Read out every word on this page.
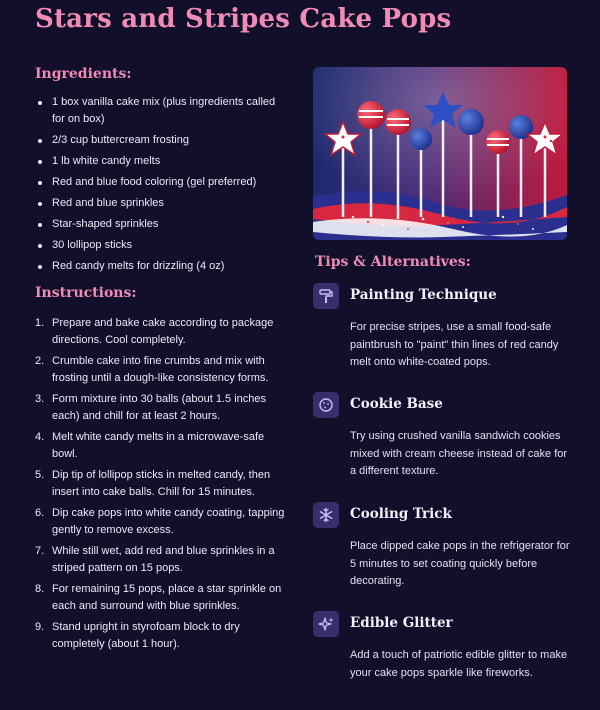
Stars and Stripes Cake Pops
Ingredients:
1 box vanilla cake mix (plus ingredients called for on box)
2/3 cup buttercream frosting
1 lb white candy melts
Red and blue food coloring (gel preferred)
Red and blue sprinkles
Star-shaped sprinkles
30 lollipop sticks
Red candy melts for drizzling (4 oz)
Instructions:
1. Prepare and bake cake according to package directions. Cool completely.
2. Crumble cake into fine crumbs and mix with frosting until a dough-like consistency forms.
3. Form mixture into 30 balls (about 1.5 inches each) and chill for at least 2 hours.
4. Melt white candy melts in a microwave-safe bowl.
5. Dip tip of lollipop sticks in melted candy, then insert into cake balls. Chill for 15 minutes.
6. Dip cake pops into white candy coating, tapping gently to remove excess.
7. While still wet, add red and blue sprinkles in a striped pattern on 15 pops.
8. For remaining 15 pops, place a star sprinkle on each and surround with blue sprinkles.
9. Stand upright in styrofoam block to dry completely (about 1 hour).
Tips & Alternatives:
Painting Technique
For precise stripes, use a small food-safe paintbrush to "paint" thin lines of red candy melt onto white-coated pops.
Cookie Base
Try using crushed vanilla sandwich cookies mixed with cream cheese instead of cake for a different texture.
Cooling Trick
Place dipped cake pops in the refrigerator for 5 minutes to set coating quickly before decorating.
Edible Glitter
Add a touch of patriotic edible glitter to make your cake pops sparkle like fireworks.
